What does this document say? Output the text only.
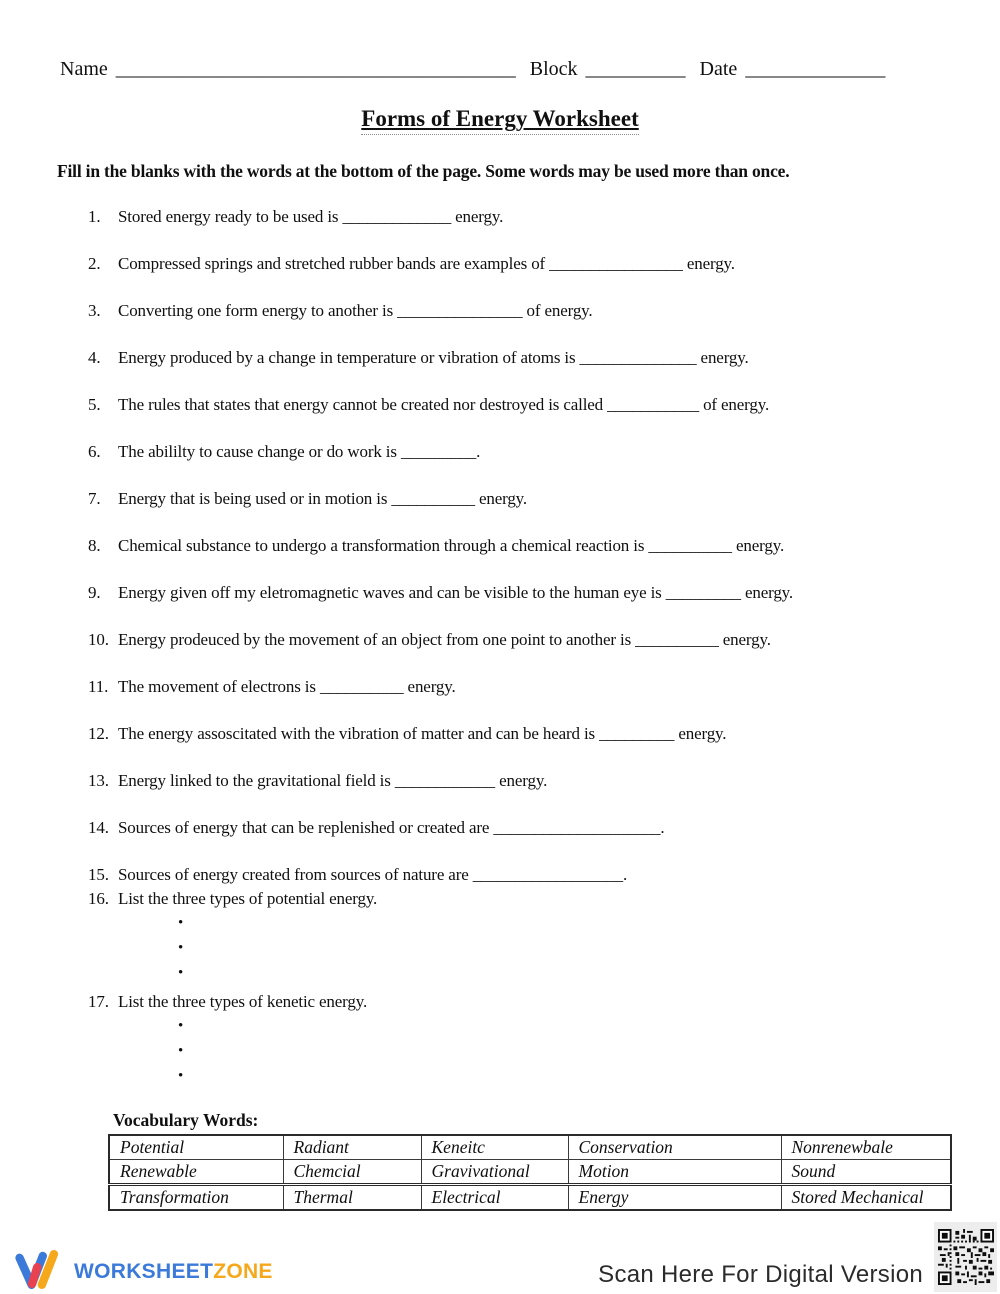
Name ________________________________________ Block __________ Date ______________
Forms of Energy Worksheet
Fill in the blanks with the words at the bottom of the page. Some words may be used more than once.
1.	Stored energy ready to be used is _____________ energy.
2.	Compressed springs and stretched rubber bands are examples of ________________ energy.
3.	Converting one form energy to another is _______________ of energy.
4.	Energy produced by a change in temperature or vibration of atoms is ______________ energy.
5.	The rules that states that energy cannot be created nor destroyed is called ___________ of energy.
6.	The abililty to cause change or do work is _________.
7.	Energy that is being used or in motion is __________ energy.
8.	Chemical substance to undergo a transformation through a chemical reaction is __________ energy.
9.	Energy given off my eletromagnetic waves and can be visible to the human eye is _________ energy.
10. Energy prodeuced by the movement of an object from one point to another is __________ energy.
11. The movement of electrons is __________ energy.
12. The energy assoscitated with the vibration of matter and can be heard is _________ energy.
13. Energy linked to the gravitational field is ____________ energy.
14. Sources of energy that can be replenished or created are ____________________.
15. Sources of energy created from sources of nature are __________________.
16. List the three types of potential energy.
•
•
•
17. List the three types of kenetic energy.
•
•
•
Vocabulary Words:
Potential	Radiant	Keneitc	Conservation	Nonrenewbale
Renewable	Chemcial	Gravivational	Motion	Sound
Transformation	Thermal	Electrical	Energy	Stored Mechanical
WORKSHEETZONE	Scan Here For Digital Version
